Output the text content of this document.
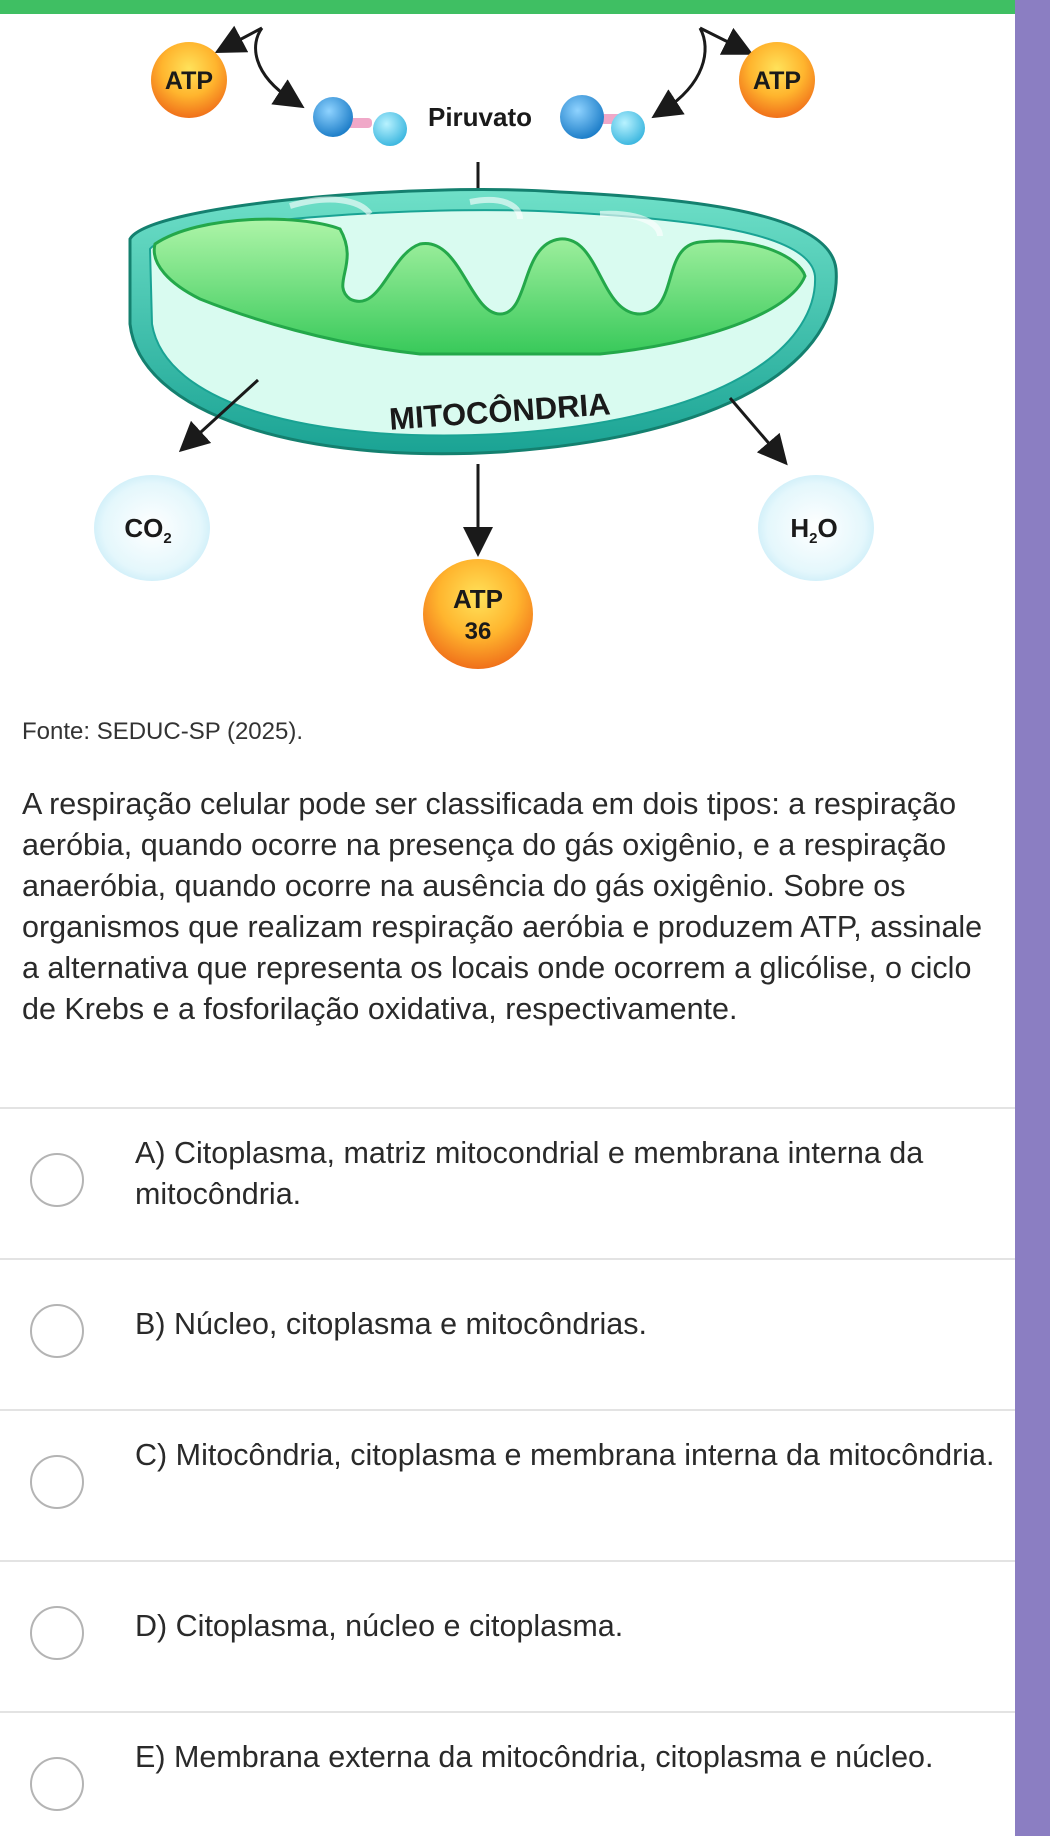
ATP	ATP
Piruvato
MITOCÔNDRIA
$CO_2$	$H_2O$
ATP
36
Fonte: SEDUC-SP (2025).
A respiração celular pode ser classificada em dois tipos: a respiração aeróbia, quando ocorre na presença do gás oxigênio, e a respiração anaeróbia, quando ocorre na ausência do gás oxigênio. Sobre os organismos que realizam respiração aeróbia e produzem ATP, assinale a alternativa que representa os locais onde ocorrem a glicólise, o ciclo de Krebs e a fosforilação oxidativa, respectivamente.
A) Citoplasma, matriz mitocondrial e membrana interna da mitocôndria.
B) Núcleo, citoplasma e mitocôndrias.
C) Mitocôndria, citoplasma e membrana interna da mitocôndria.
D) Citoplasma, núcleo e citoplasma.
E) Membrana externa da mitocôndria, citoplasma e núcleo.
